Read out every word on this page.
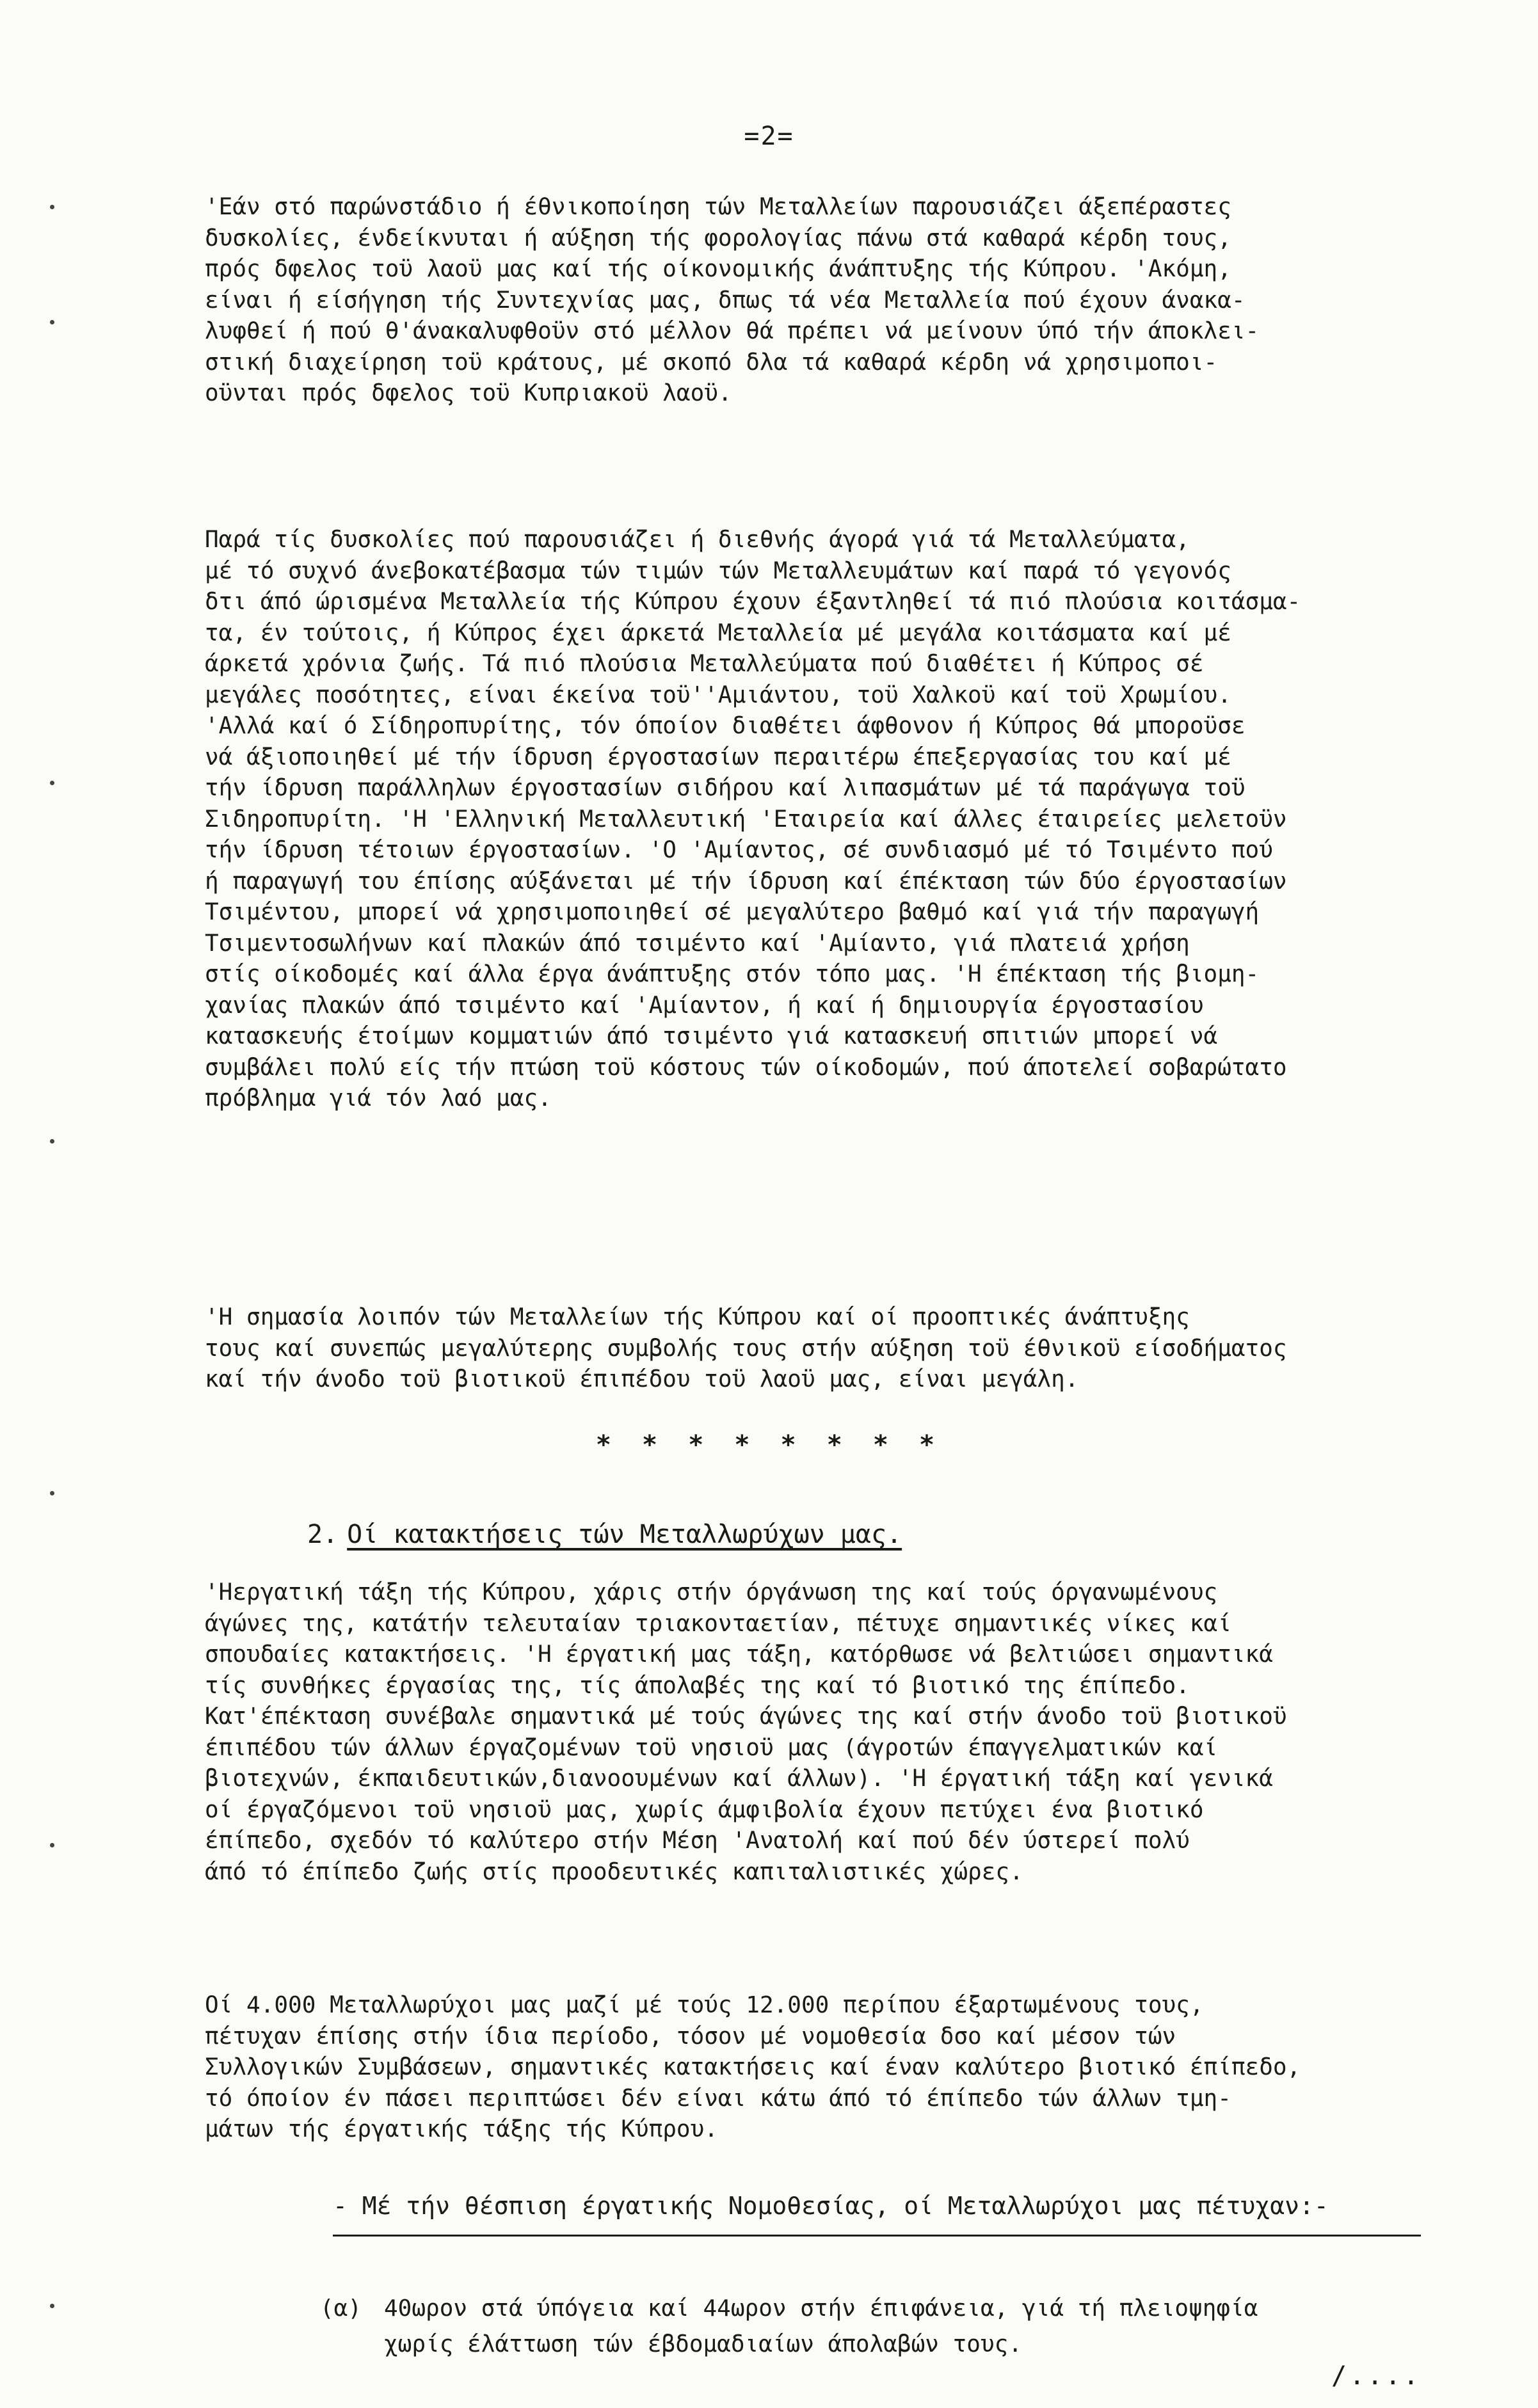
=2=
'Εάν στό παρώνστάδιο ή έθνικοποίηση τών Μεταλλείων παρουσιάζει άξεπέραστες
δυσκολίες, ένδείκνυται ή αύξηση τής φορολογίας πάνω στά καθαρά κέρδη τους,
πρός δφελος τοϋ λαοϋ μας καί τής οίκονομικής άνάπτυξης τής Κύπρου. 'Ακόμη,
είναι ή είσήγηση τής Συντεχνίας μας, δπως τά νέα Μεταλλεία πού έχουν άνακα-
λυφθεί ή πού θ'άνακαλυφθοϋν στό μέλλον θά πρέπει νά μείνουν ύπό τήν άποκλει-
στική διαχείρηση τοϋ κράτους, μέ σκοπό δλα τά καθαρά κέρδη νά χρησιμοποι-
οϋνται πρός δφελος τοϋ Κυπριακοϋ λαοϋ.
Παρά τίς δυσκολίες πού παρουσιάζει ή διεθνής άγορά γιά τά Μεταλλεύματα,
μέ τό συχνό άνεβοκατέβασμα τών τιμών τών Μεταλλευμάτων καί παρά τό γεγονός
δτι άπό ώρισμένα Μεταλλεία τής Κύπρου έχουν έξαντληθεί τά πιό πλούσια κοιτάσμα-
τα, έν τούτοις, ή Κύπρος έχει άρκετά Μεταλλεία μέ μεγάλα κοιτάσματα καί μέ
άρκετά χρόνια ζωής. Τά πιό πλούσια Μεταλλεύματα πού διαθέτει ή Κύπρος σέ
μεγάλες ποσότητες, είναι έκείνα τοϋ''Αμιάντου, τοϋ Χαλκοϋ καί τοϋ Χρωμίου.
'Αλλά καί ό Σίδηροπυρίτης, τόν όποίον διαθέτει άφθονον ή Κύπρος θά μποροϋσε
νά άξιοποιηθεί μέ τήν ίδρυση έργοστασίων περαιτέρω έπεξεργασίας του καί μέ
τήν ίδρυση παράλληλων έργοστασίων σιδήρου καί λιπασμάτων μέ τά παράγωγα τοϋ
Σιδηροπυρίτη. 'Η 'Ελληνική Μεταλλευτική 'Εταιρεία καί άλλες έταιρείες μελετοϋν
τήν ίδρυση τέτοιων έργοστασίων. 'Ο 'Αμίαντος, σέ συνδιασμό μέ τό Τσιμέντο πού
ή παραγωγή του έπίσης αύξάνεται μέ τήν ίδρυση καί έπέκταση τών δύο έργοστασίων
Τσιμέντου, μπορεί νά χρησιμοποιηθεί σέ μεγαλύτερο βαθμό καί γιά τήν παραγωγή
Τσιμεντοσωλήνων καί πλακών άπό τσιμέντο καί 'Αμίαντο, γιά πλατειά χρήση
στίς οίκοδομές καί άλλα έργα άνάπτυξης στόν τόπο μας. 'Η έπέκταση τής βιομη-
χανίας πλακών άπό τσιμέντο καί 'Αμίαντον, ή καί ή δημιουργία έργοστασίου
κατασκευής έτοίμων κομματιών άπό τσιμέντο γιά κατασκευή σπιτιών μπορεί νά
συμβάλει πολύ είς τήν πτώση τοϋ κόστους τών οίκοδομών, πού άποτελεί σοβαρώτατο
πρόβλημα γιά τόν λαό μας.
'Η σημασία λοιπόν τών Μεταλλείων τής Κύπρου καί οί προοπτικές άνάπτυξης
τους καί συνεπώς μεγαλύτερης συμβολής τους στήν αύξηση τοϋ έθνικοϋ είσοδήματος
καί τήν άνοδο τοϋ βιοτικοϋ έπιπέδου τοϋ λαοϋ μας, είναι μεγάλη.
* * * * * * * *
2. Οί κατακτήσεις τών Μεταλλωρύχων μας.
'Ηεργατική τάξη τής Κύπρου, χάρις στήν όργάνωση της καί τούς όργανωμένους
άγώνες της, κατάτήν τελευταίαν τριακονταετίαν, πέτυχε σημαντικές νίκες καί
σπουδαίες κατακτήσεις. 'Η έργατική μας τάξη, κατόρθωσε νά βελτιώσει σημαντικά
τίς συνθήκες έργασίας της, τίς άπολαβές της καί τό βιοτικό της έπίπεδο.
Κατ'έπέκταση συνέβαλε σημαντικά μέ τούς άγώνες της καί στήν άνοδο τοϋ βιοτικοϋ
έπιπέδου τών άλλων έργαζομένων τοϋ νησιοϋ μας (άγροτών έπαγγελματικών καί
βιοτεχνών, έκπαιδευτικών,διανοουμένων καί άλλων). 'Η έργατική τάξη καί γενικά
οί έργαζόμενοι τοϋ νησιοϋ μας, χωρίς άμφιβολία έχουν πετύχει ένα βιοτικό
έπίπεδο, σχεδόν τό καλύτερο στήν Μέση 'Ανατολή καί πού δέν ύστερεί πολύ
άπό τό έπίπεδο ζωής στίς προοδευτικές καπιταλιστικές χώρες.
Οί 4.000 Μεταλλωρύχοι μας μαζί μέ τούς 12.000 περίπου έξαρτωμένους τους,
πέτυχαν έπίσης στήν ίδια περίοδο, τόσον μέ νομοθεσία δσο καί μέσον τών
Συλλογικών Συμβάσεων, σημαντικές κατακτήσεις καί έναν καλύτερο βιοτικό έπίπεδο,
τό όποίον έν πάσει περιπτώσει δέν είναι κάτω άπό τό έπίπεδο τών άλλων τμη-
μάτων τής έργατικής τάξης τής Κύπρου.
- Μέ τήν θέσπιση έργατικής Νομοθεσίας, οί Μεταλλωρύχοι μας πέτυχαν:-
(α) 40ωρον στά ύπόγεια καί 44ωρον στήν έπιφάνεια, γιά τή πλειοψηφία
χωρίς έλάττωση τών έβδομαδιαίων άπολαβών τους.
/....
